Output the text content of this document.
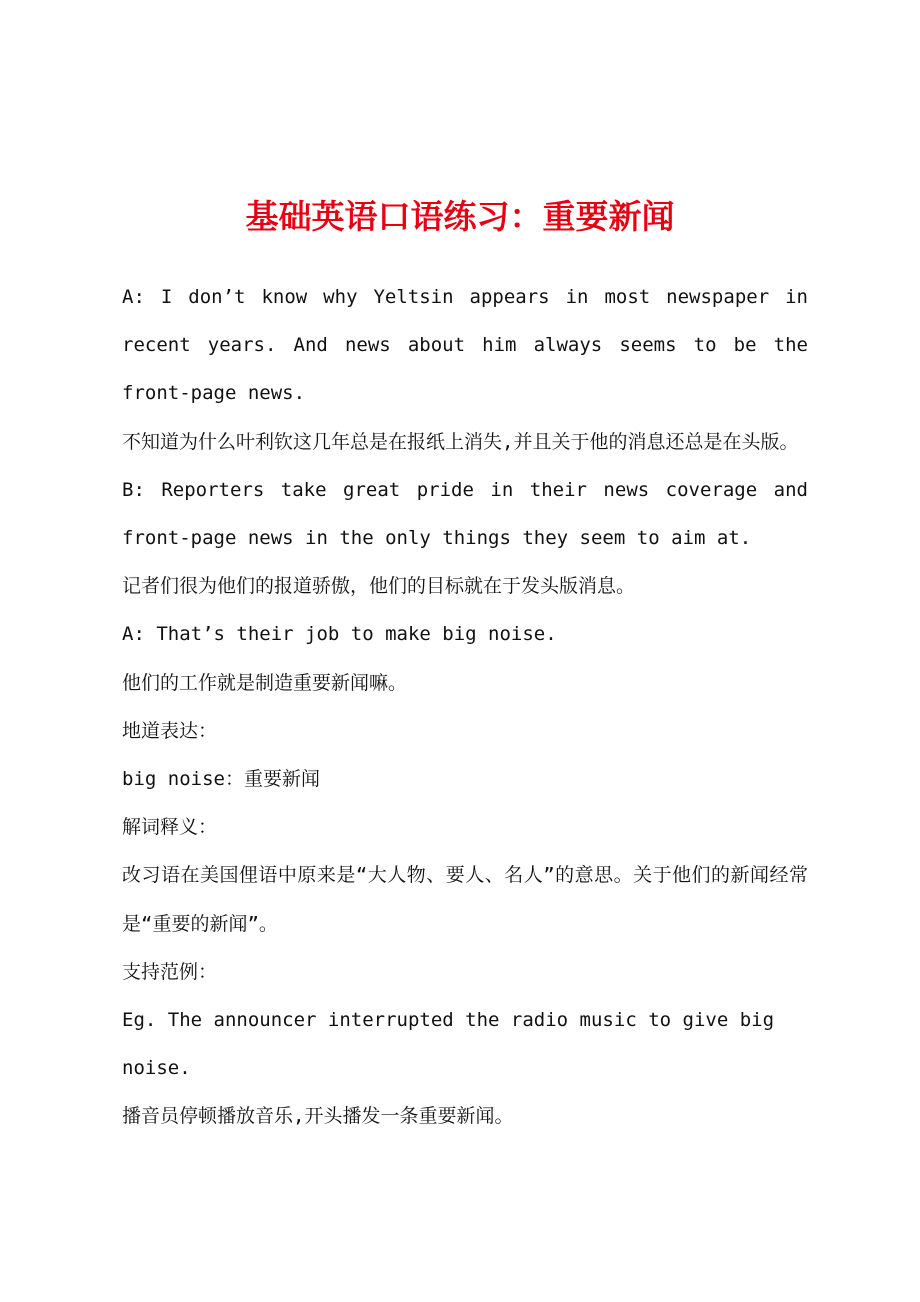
基础英语口语练习：重要新闻

A: I don’t know why Yeltsin appears in most newspaper in recent years. And news about him always seems to be the front-page news.

不知道为什么叶利钦这几年总是在报纸上消失,并且关于他的消息还总是在头版。

B: Reporters take great pride in their news coverage and front-page news in the only things they seem to aim at.

记者们很为他们的报道骄傲，他们的目标就在于发头版消息。

A: That’s their job to make big noise.

他们的工作就是制造重要新闻嘛。

地道表达：

big noise：重要新闻

解词释义：

改习语在美国俚语中原来是“大人物、要人、名人”的意思。关于他们的新闻经常是“重要的新闻”。

支持范例：

Eg. The announcer interrupted the radio music to give big noise.

播音员停顿播放音乐,开头播发一条重要新闻。
